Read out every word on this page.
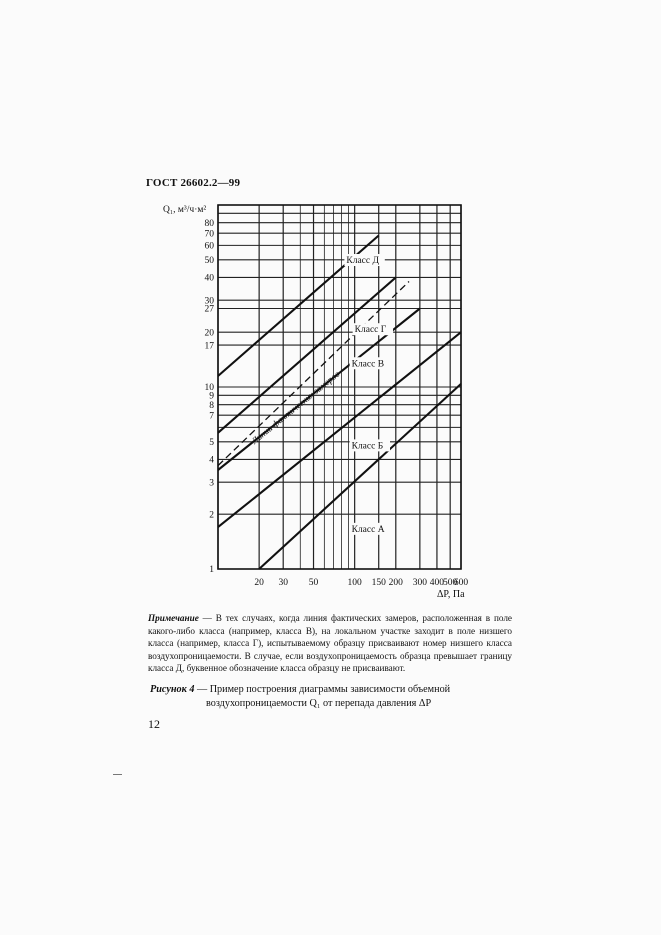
ГОСТ 26602.2—99
1
2
3
4
5
7
8
9
10
17
20
27
30
40
50
60
70
80
20 30 50	100 150 200 300 400
500
600
Класс Д
Класс Г
Класс В
Класс Б
Класс А
Линии фактических замеров
Q₁, м³/ч·м²
ΔP, Па
Примечание — В тех случаях, когда линия фактических замеров, расположенная в поле какого-либо класса (например, класса В), на локальном участке заходит в поле низшего класса (например, класса Г), испытываемому образцу присваивают номер низшего класса воздухопроницаемости. В случае, если воздухопроницаемость образца превышает границу класса Д, буквенное обозначение класса образцу не присваивают.
Рисунок 4 — Пример построения диаграммы зависимости объемной
воздухопроницаемости Q₁ от перепада давления ΔP
12
